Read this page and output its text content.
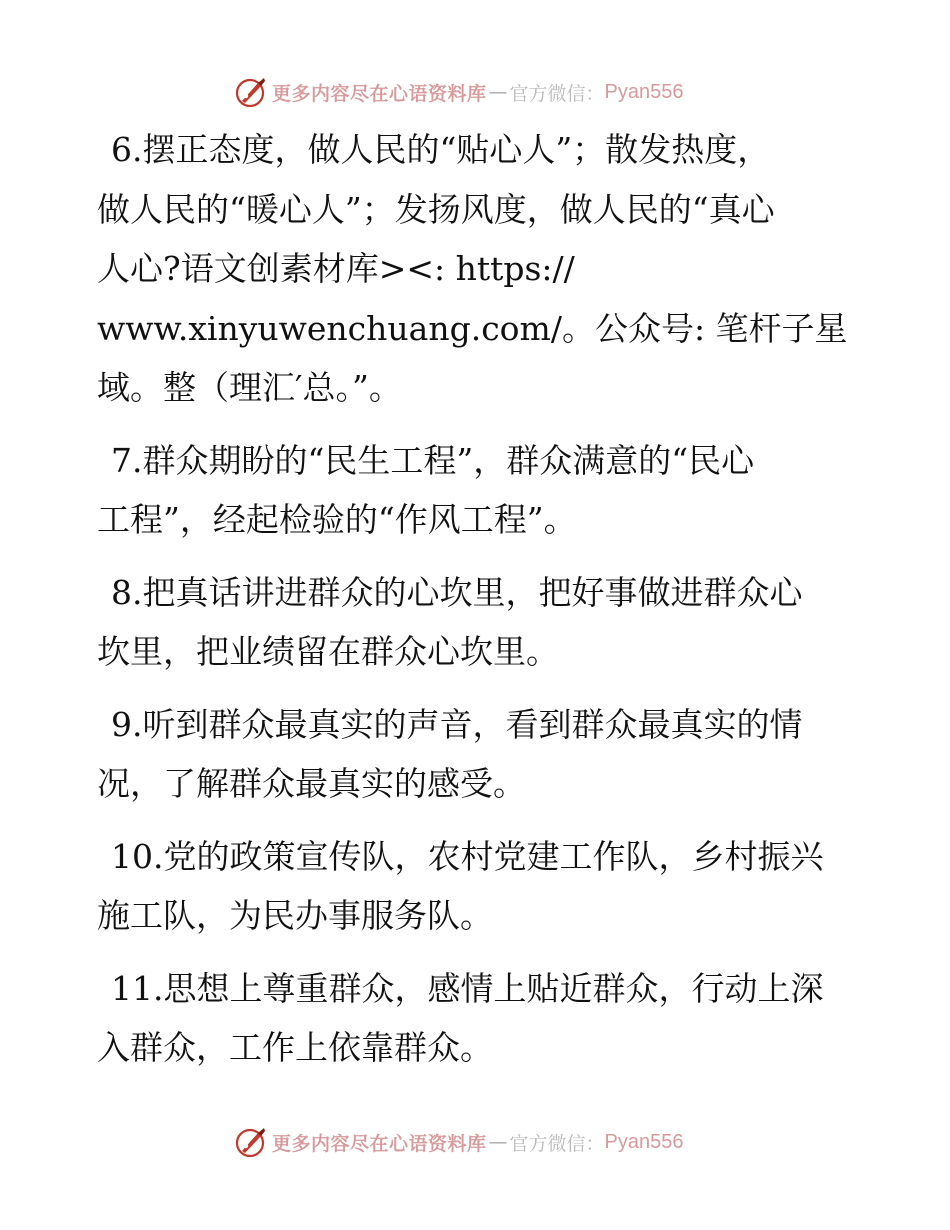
更多内容尽在心语资料库 — 官方微信： Pyan556
6.摆正态度，做人民的“贴心人”；散发热度，
做人民的“暖心人”；发扬风度，做人民的“真心
人心?语文创素材库><: https://
www.xinyuwenchuang.com/。公众号: 笔杆子星
域。整（理汇′总。”。
7.群众期盼的“民生工程”，群众满意的“民心
工程”，经起检验的“作风工程”。
8.把真话讲进群众的心坎里，把好事做进群众心
坎里，把业绩留在群众心坎里。
9.听到群众最真实的声音，看到群众最真实的情
况，了解群众最真实的感受。
10.党的政策宣传队，农村党建工作队，乡村振兴
施工队，为民办事服务队。
11.思想上尊重群众，感情上贴近群众，行动上深
入群众，工作上依靠群众。
更多内容尽在心语资料库 — 官方微信： Pyan556
